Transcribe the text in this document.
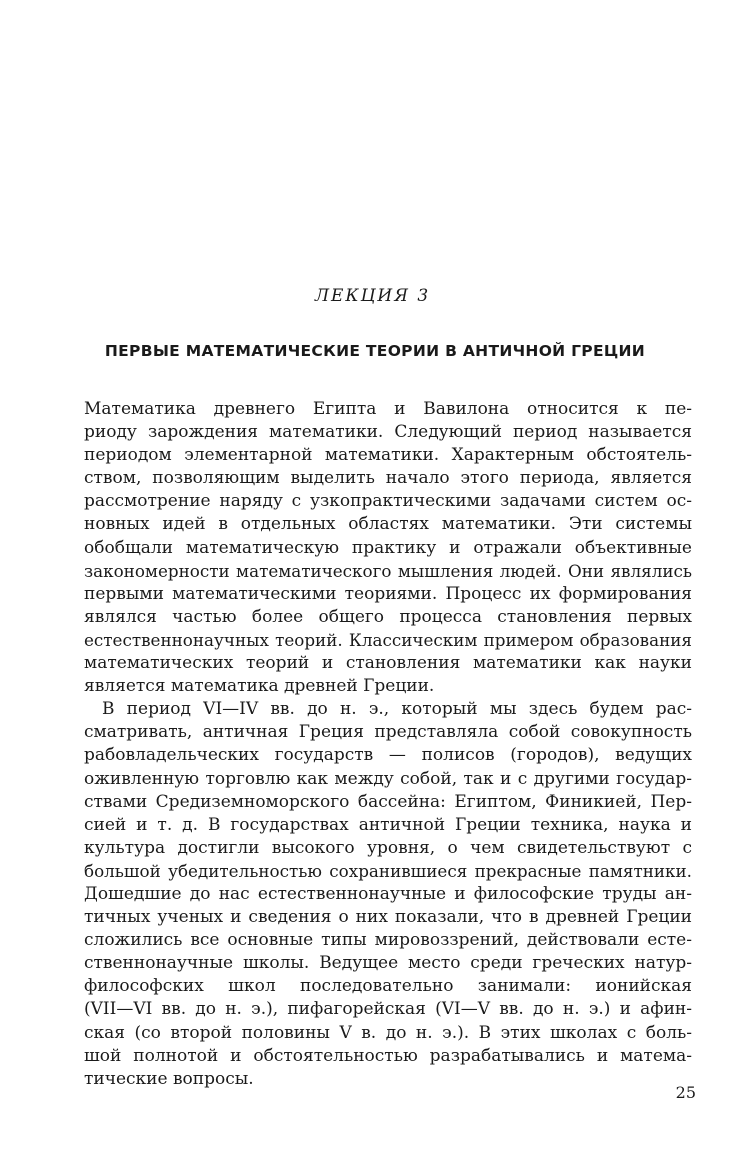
ЛЕКЦИЯ 3
ПЕРВЫЕ МАТЕМАТИЧЕСКИЕ ТЕОРИИ В АНТИЧНОЙ ГРЕЦИИ

Математика древнего Египта и Вавилона относится к пе-
риоду зарождения математики. Следующий период называется
периодом элементарной математики. Характерным обстоятель-
ством, позволяющим выделить начало этого периода, является
рассмотрение наряду с узкопрактическими задачами систем ос-
новных идей в отдельных областях математики. Эти системы
обобщали математическую практику и отражали объективные
закономерности математического мышления людей. Они являлись
первыми математическими теориями. Процесс их формирования
являлся частью более общего процесса становления первых
естественнонаучных теорий. Классическим примером образования
математических теорий и становления математики как науки
является математика древней Греции.

В период VI—IV вв. до н. э., который мы здесь будем рас-
сматривать, античная Греция представляла собой совокупность
рабовладельческих государств — полисов (городов), ведущих
оживленную торговлю как между собой, так и с другими государ-
ствами Средиземноморского бассейна: Египтом, Финикией, Пер-
сией и т. д. В государствах античной Греции техника, наука и
культура достигли высокого уровня, о чем свидетельствуют с
большой убедительностью сохранившиеся прекрасные памятники.
Дошедшие до нас естественнонаучные и философские труды ан-
тичных ученых и сведения о них показали, что в древней Греции
сложились все основные типы мировоззрений, действовали есте-
ственнонаучные школы. Ведущее место среди греческих натур-
философских школ последовательно занимали: ионийская
(VII—VI вв. до н. э.), пифагорейская (VI—V вв. до н. э.) и афин-
ская (со второй половины V в. до н. э.). В этих школах с боль-
шой полнотой и обстоятельностью разрабатывались и матема-
тические вопросы.

25
